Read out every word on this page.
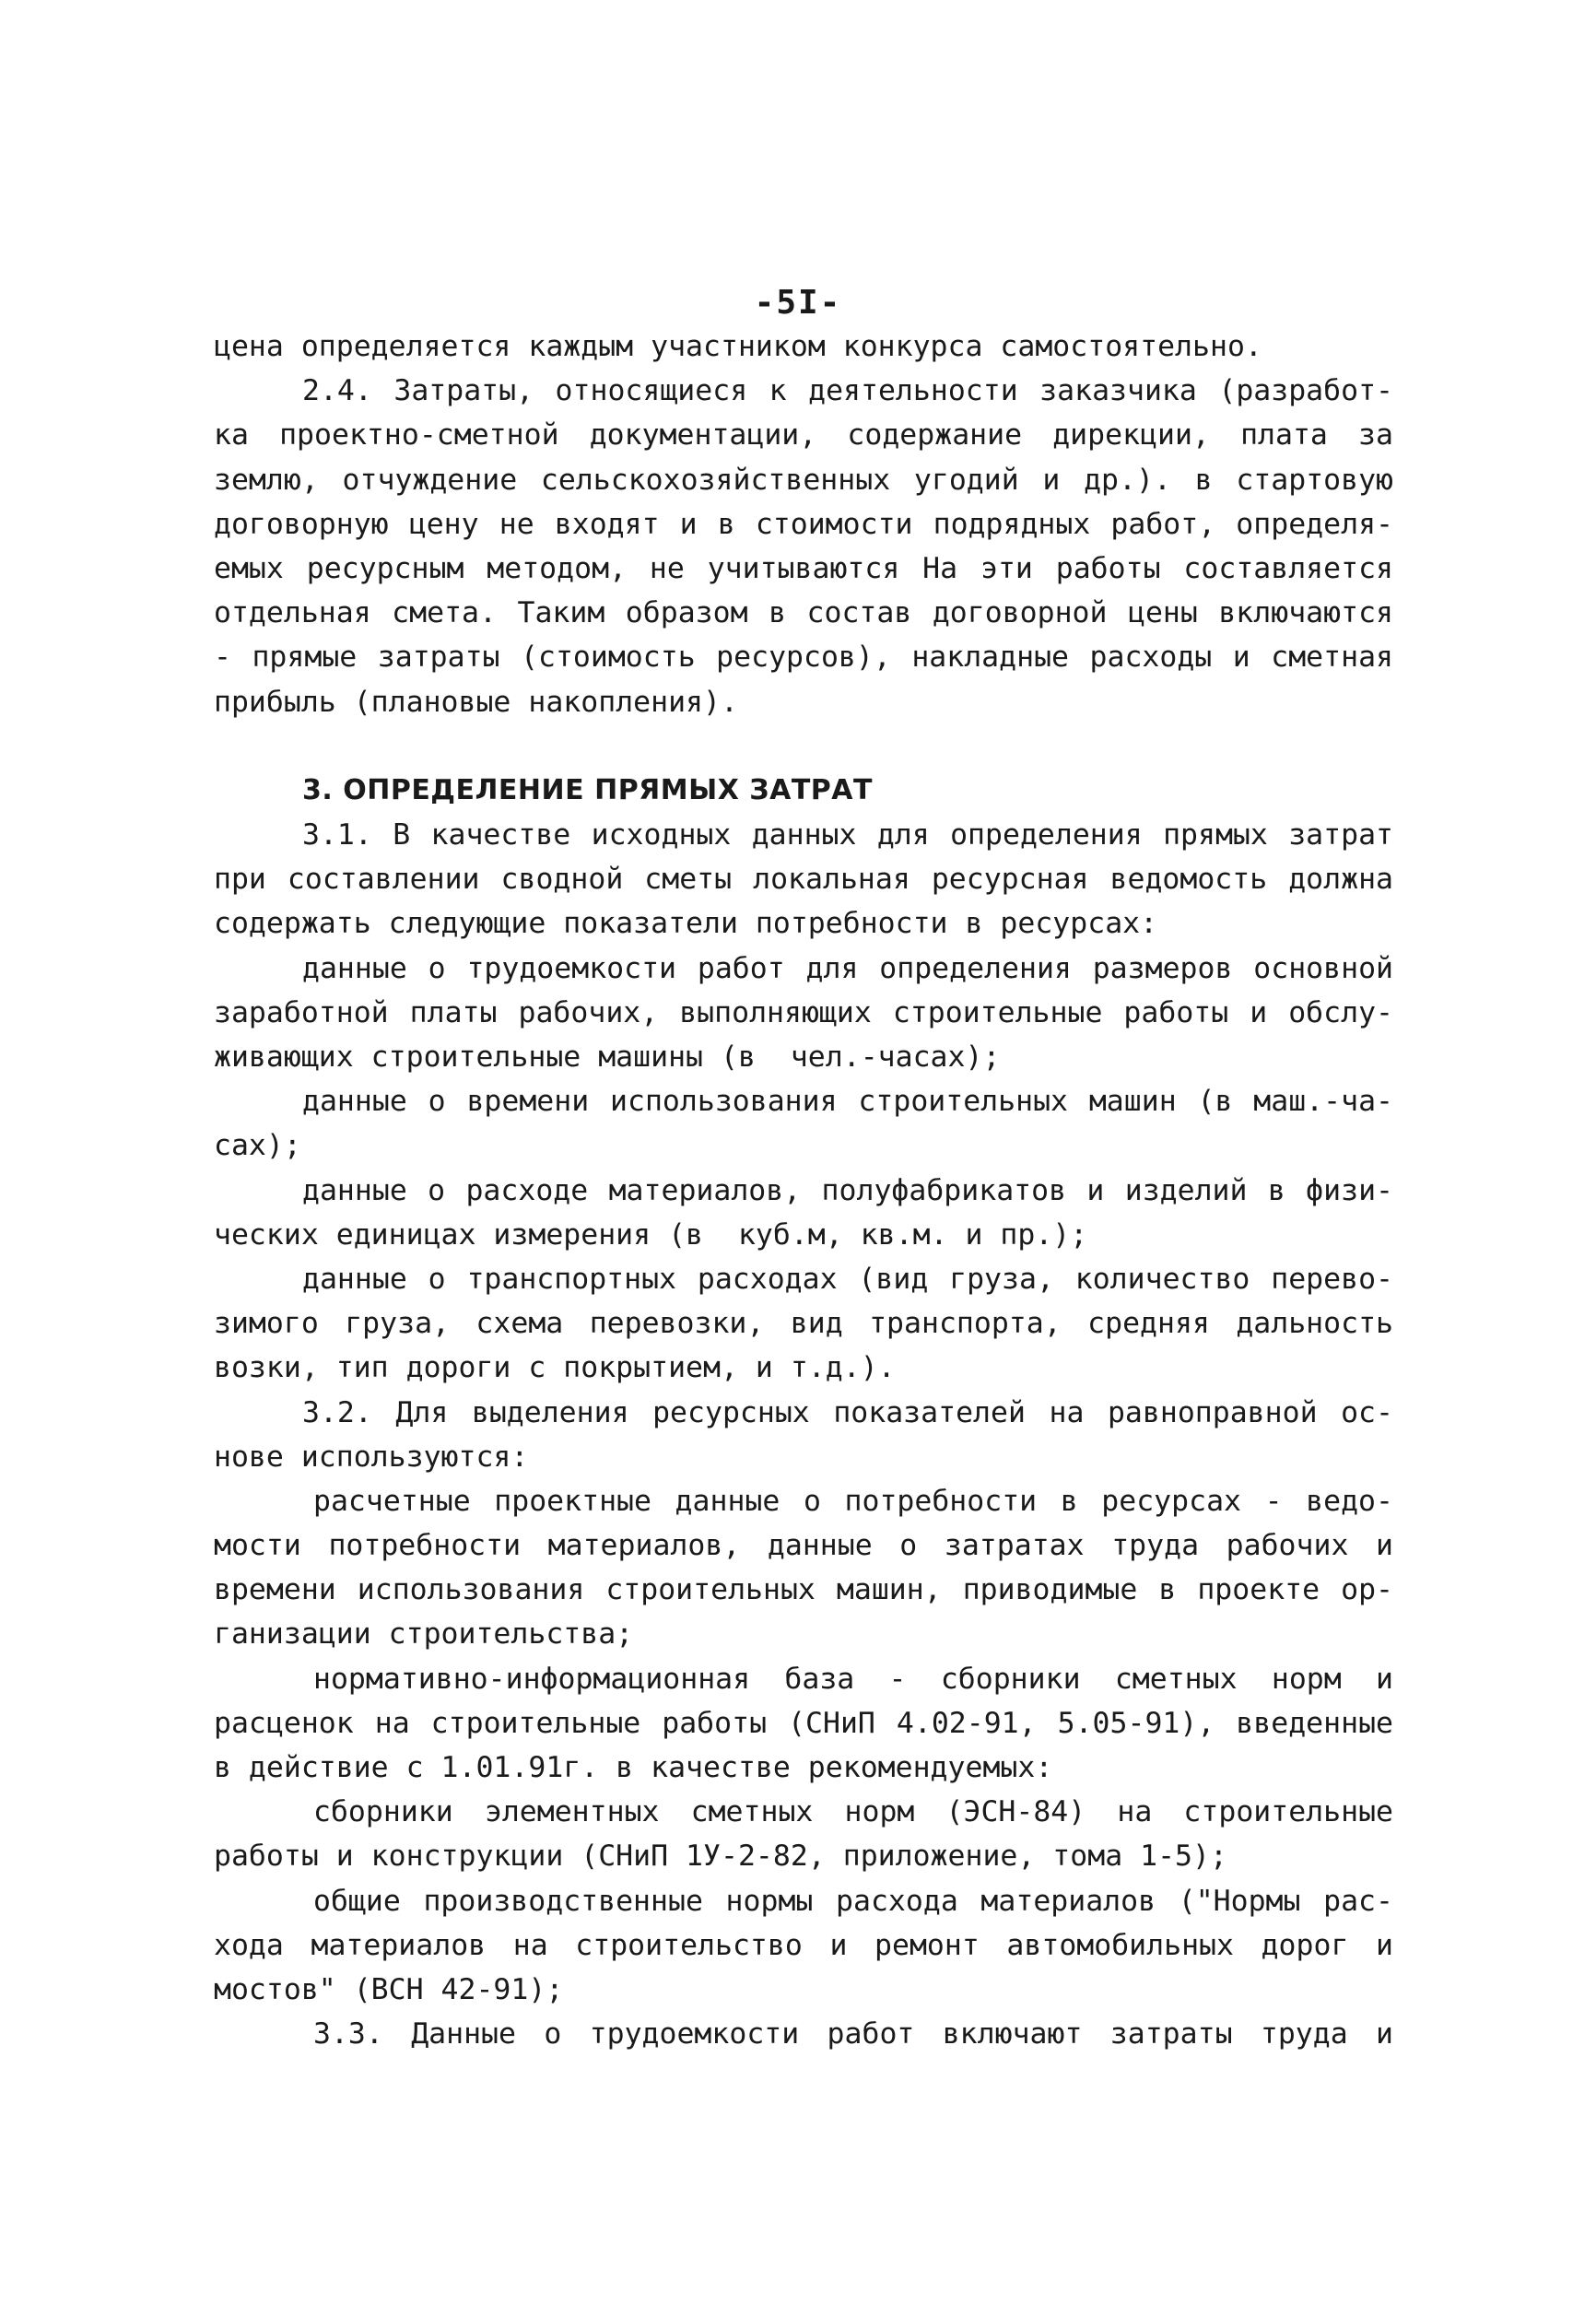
-5I-
цена определяется каждым участником конкурса самостоятельно.
2.4. Затраты, относящиеся к деятельности заказчика (разработ-
ка проектно-сметной документации, содержание дирекции, плата за
землю, отчуждение сельскохозяйственных угодий и др.). в стартовую
договорную цену не входят и в стоимости подрядных работ, определя-
емых ресурсным методом, не учитываются На эти работы составляется
отдельная смета. Таким образом в состав договорной цены включаются
- прямые затраты (стоимость ресурсов), накладные расходы и сметная
прибыль (плановые накопления).
3. ОПРЕДЕЛЕНИЕ ПРЯМЫХ ЗАТРАТ
3.1. В качестве исходных данных для определения прямых затрат
при составлении сводной сметы локальная ресурсная ведомость должна
содержать следующие показатели потребности в ресурсах:
данные о трудоемкости работ для определения размеров основной
заработной платы рабочих, выполняющих строительные работы и обслу-
живающих строительные машины (в  чел.-часах);
данные о времени использования строительных машин (в маш.-ча-
сах);
данные о расходе материалов, полуфабрикатов и изделий в физи-
ческих единицах измерения (в  куб.м, кв.м. и пр.);
данные о транспортных расходах (вид груза, количество перево-
зимого груза, схема перевозки, вид транспорта, средняя дальность
возки, тип дороги с покрытием, и т.д.).
3.2. Для выделения ресурсных показателей на равноправной ос-
нове используются:
расчетные проектные данные о потребности в ресурсах - ведо-
мости потребности материалов, данные о затратах труда рабочих и
времени использования строительных машин, приводимые в проекте ор-
ганизации строительства;
нормативно-информационная база - сборники сметных норм и
расценок на строительные работы (СНиП 4.02-91, 5.05-91), введенные
в действие с 1.01.91г. в качестве рекомендуемых:
сборники элементных сметных норм (ЭСН-84) на строительные
работы и конструкции (СНиП 1У-2-82, приложение, тома 1-5);
общие производственные нормы расхода материалов ("Нормы рас-
хода материалов на строительство и ремонт автомобильных дорог и
мостов" (ВСН 42-91);
3.3. Данные о трудоемкости работ включают затраты труда и
